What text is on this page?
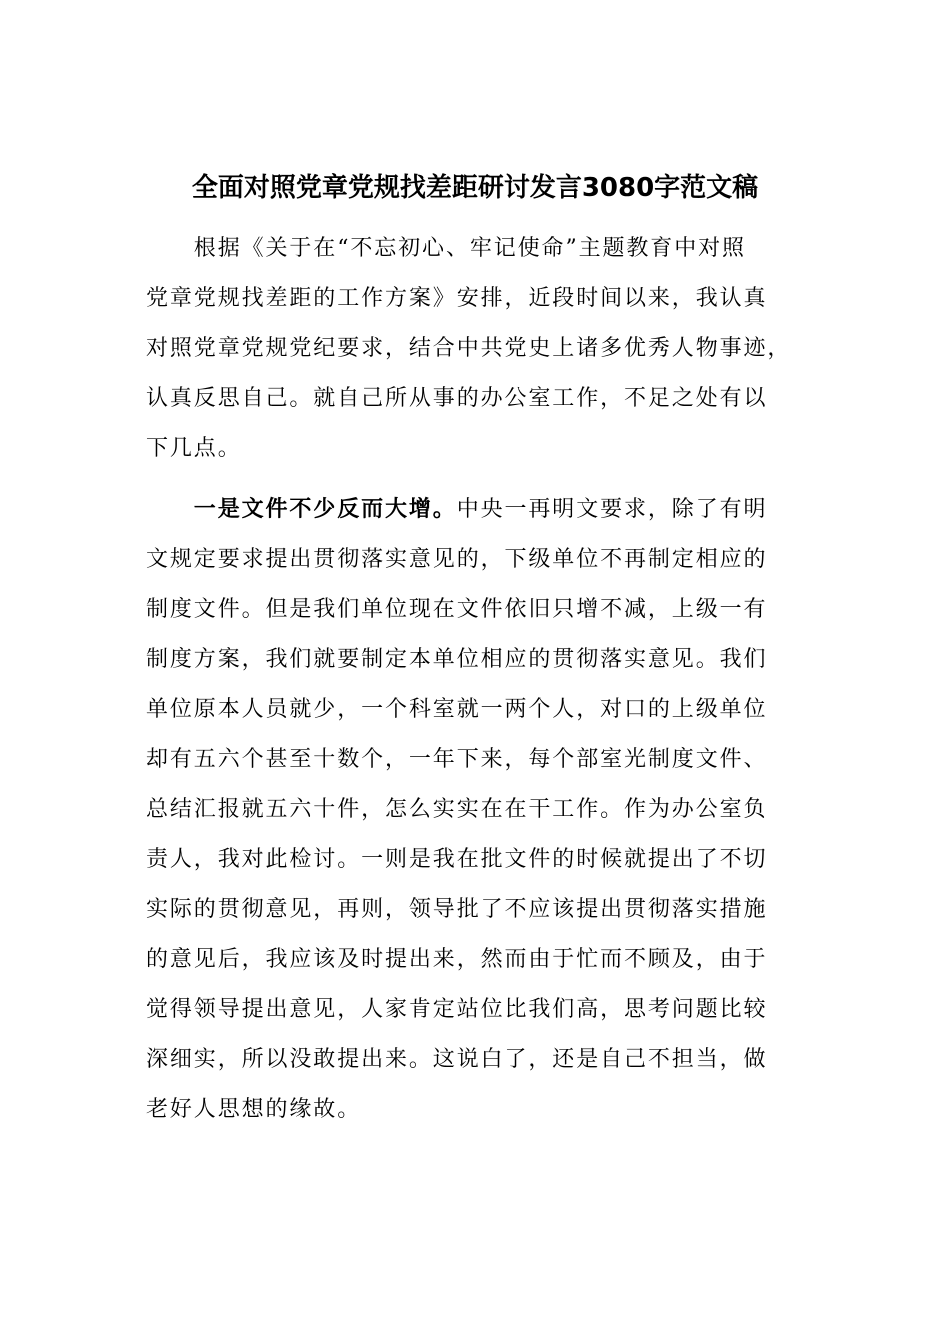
全面对照党章党规找差距研讨发言3080字范文稿
　　根据《关于在“不忘初心、牢记使命”主题教育中对照
党章党规找差距的工作方案》安排，近段时间以来，我认真
对照党章党规党纪要求，结合中共党史上诸多优秀人物事迹，
认真反思自己。就自己所从事的办公室工作，不足之处有以
下几点。
　　一是文件不少反而大增。中央一再明文要求，除了有明
文规定要求提出贯彻落实意见的，下级单位不再制定相应的
制度文件。但是我们单位现在文件依旧只增不减，上级一有
制度方案，我们就要制定本单位相应的贯彻落实意见。我们
单位原本人员就少，一个科室就一两个人，对口的上级单位
却有五六个甚至十数个，一年下来，每个部室光制度文件、
总结汇报就五六十件，怎么实实在在干工作。作为办公室负
责人，我对此检讨。一则是我在批文件的时候就提出了不切
实际的贯彻意见，再则，领导批了不应该提出贯彻落实措施
的意见后，我应该及时提出来，然而由于忙而不顾及，由于
觉得领导提出意见，人家肯定站位比我们高，思考问题比较
深细实，所以没敢提出来。这说白了，还是自己不担当，做
老好人思想的缘故。
